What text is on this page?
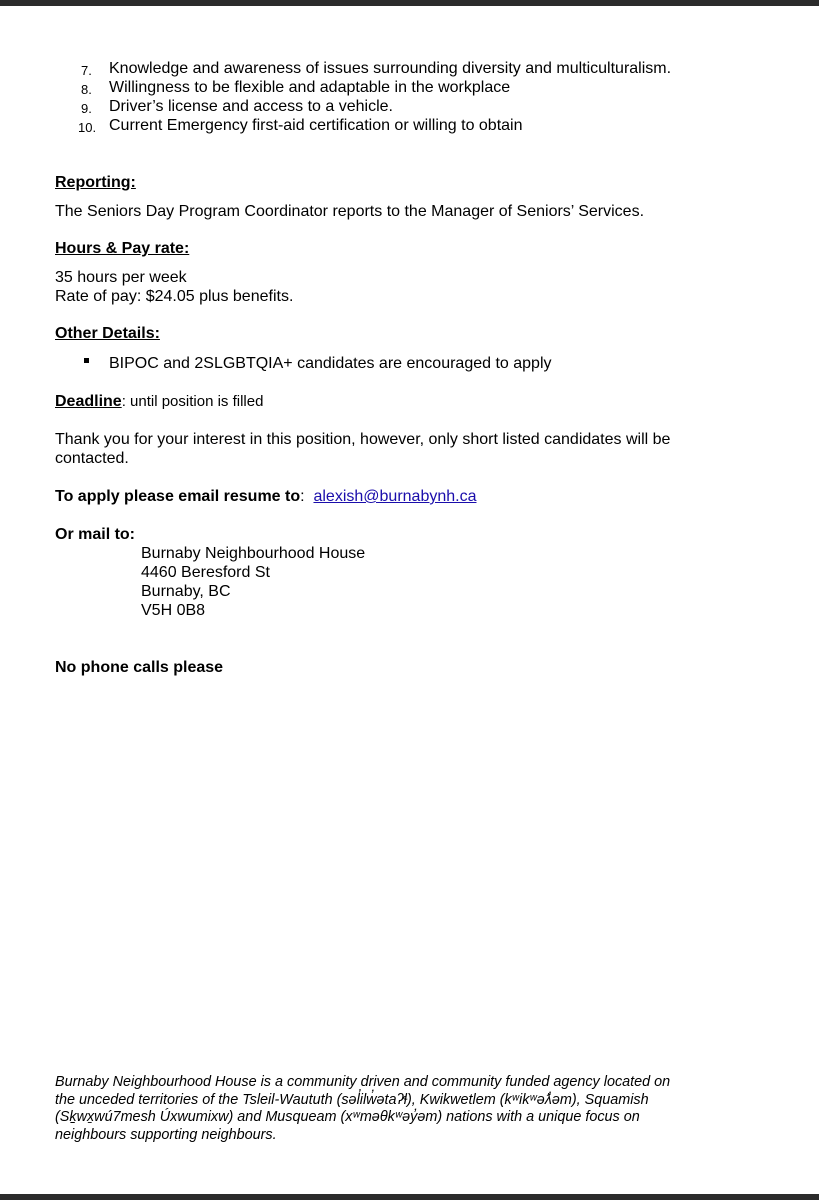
7. Knowledge and awareness of issues surrounding diversity and multiculturalism.
8. Willingness to be flexible and adaptable in the workplace
9. Driver’s license and access to a vehicle.
10. Current Emergency first-aid certification or willing to obtain
Reporting:
The Seniors Day Program Coordinator reports to the Manager of Seniors’ Services.
Hours & Pay rate:
35 hours per week
Rate of pay: $24.05 plus benefits.
Other Details:
BIPOC and 2SLGBTQIA+ candidates are encouraged to apply
Deadline: until position is filled
Thank you for your interest in this position, however, only short listed candidates will be
contacted.
To apply please email resume to:  alexish@burnabynh.ca
Or mail to:
Burnaby Neighbourhood House
4460 Beresford St
Burnaby, BC
V5H 0B8
No phone calls please
Burnaby Neighbourhood House is a community driven and community funded agency located on
the unceded territories of the Tsleil-Waututh (səl̓ilw̓ətaʔɬ), Kwikwetlem (kʷikʷəƛ̓əm), Squamish
(Sḵwx̱wú7mesh Úxwumixw) and Musqueam (xʷməθkʷəy̓əm) nations with a unique focus on
neighbours supporting neighbours.
